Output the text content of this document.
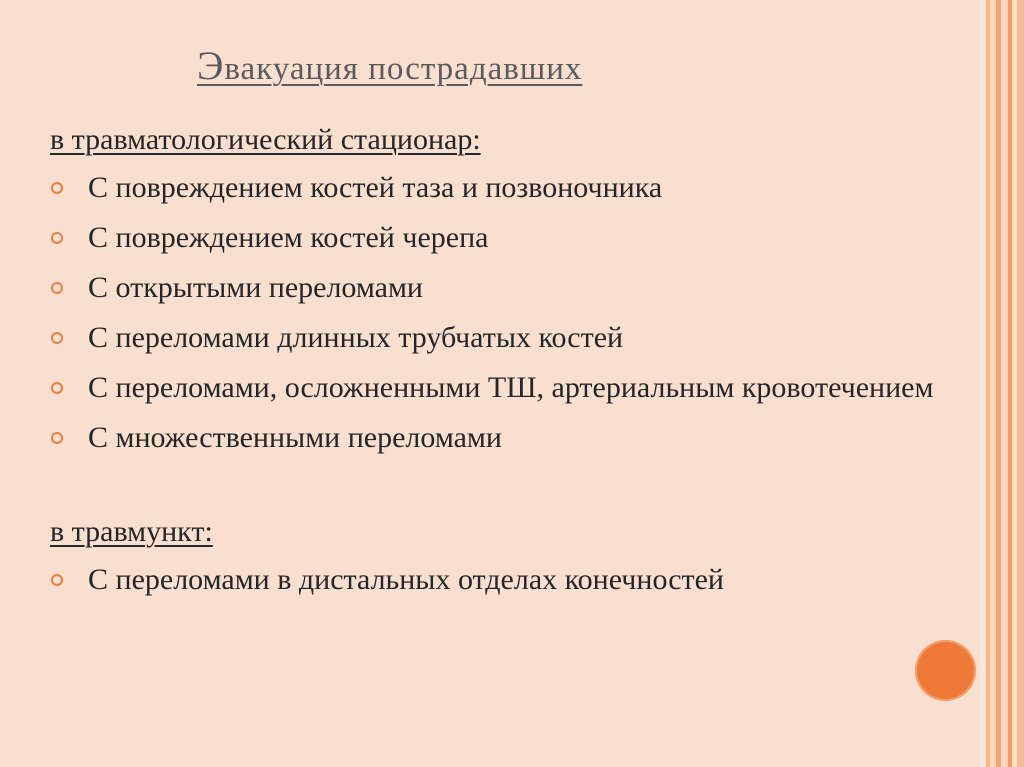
Эвакуация пострадавших

в травматологический стационар:

С повреждением костей таза и позвоночника
С повреждением костей черепа
С открытыми переломами
С переломами длинных трубчатых костей
С переломами, осложненными ТШ, артериальным кровотечением
С множественными переломами

в травмункт:

С переломами в дистальных отделах конечностей
